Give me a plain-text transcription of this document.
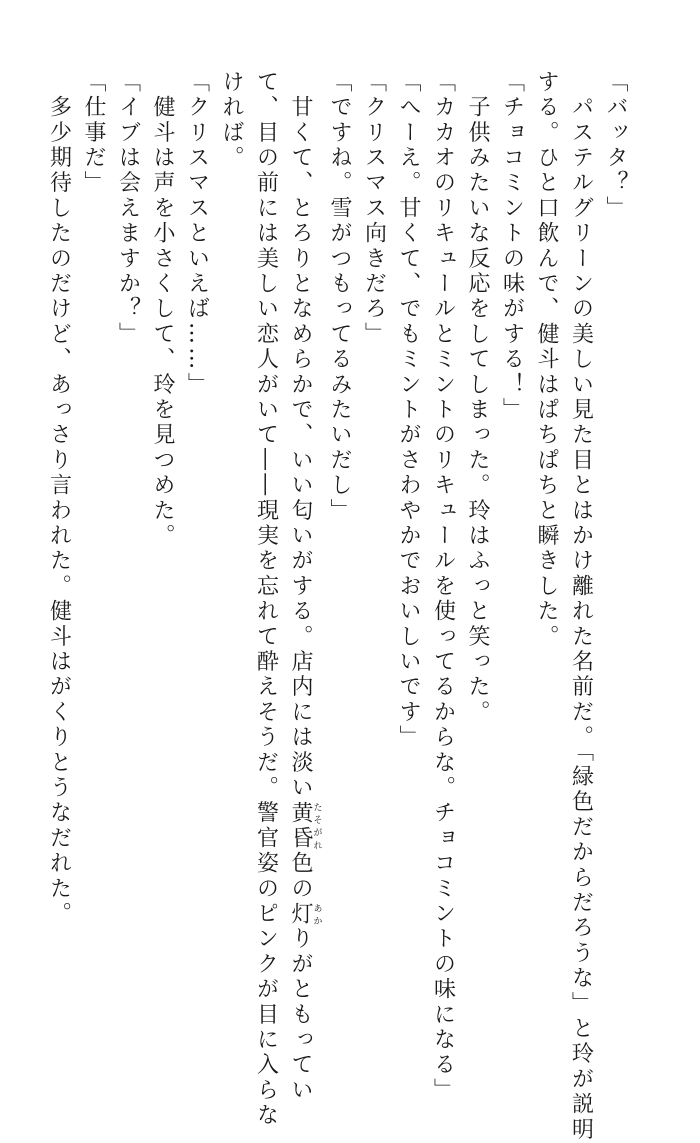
「バッタ？」
　パステルグリーンの美しい見た目とはかけ離れた名前だ。「緑色だからだろうな」と玲が説明
する。ひと口飲んで、健斗はぱちぱちと瞬きした。
「チョコミントの味がする！」
　子供みたいな反応をしてしまった。玲はふっと笑った。
「カカオのリキュールとミントのリキュールを使ってるからな。チョコミントの味になる」
「へーえ。甘くて、でもミントがさわやかでおいしいです」
「クリスマス向きだろ」
「ですね。雪がつもってるみたいだし」
　甘くて、とろりとなめらかで、いい匂いがする。店内には淡い黄昏たそがれ色の灯あかりがともってい
て、目の前には美しい恋人がいて――現実を忘れて酔えそうだ。警官姿のピンクが目に入らな
ければ。
「クリスマスといえば……」
　健斗は声を小さくして、玲を見つめた。
「イブは会えますか？」
「仕事だ」
　多少期待したのだけど、あっさり言われた。健斗はがくりとうなだれた。
